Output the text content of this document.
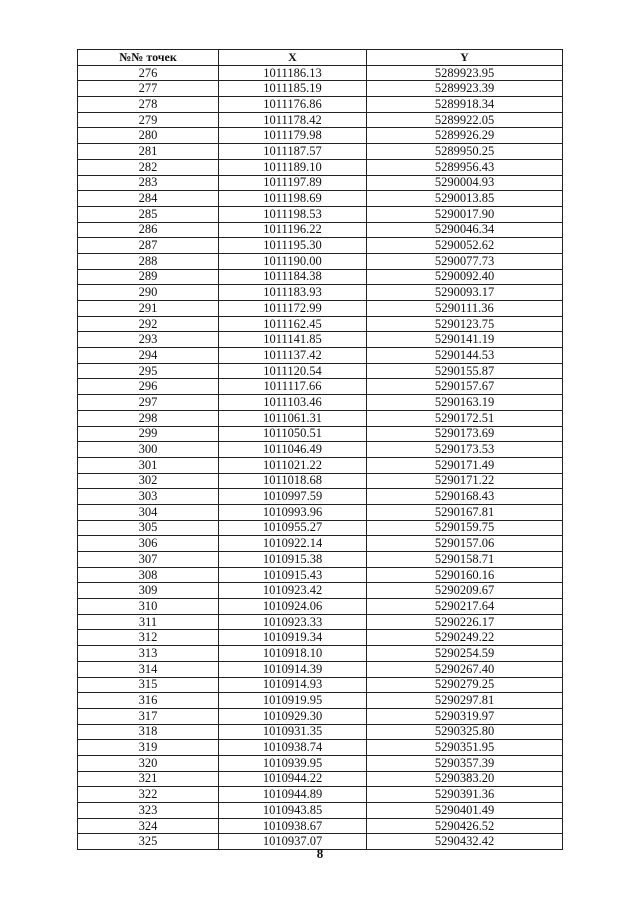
№№ точек	X	Y
276	1011186.13	5289923.95
277	1011185.19	5289923.39
278	1011176.86	5289918.34
279	1011178.42	5289922.05
280	1011179.98	5289926.29
281	1011187.57	5289950.25
282	1011189.10	5289956.43
283	1011197.89	5290004.93
284	1011198.69	5290013.85
285	1011198.53	5290017.90
286	1011196.22	5290046.34
287	1011195.30	5290052.62
288	1011190.00	5290077.73
289	1011184.38	5290092.40
290	1011183.93	5290093.17
291	1011172.99	5290111.36
292	1011162.45	5290123.75
293	1011141.85	5290141.19
294	1011137.42	5290144.53
295	1011120.54	5290155.87
296	1011117.66	5290157.67
297	1011103.46	5290163.19
298	1011061.31	5290172.51
299	1011050.51	5290173.69
300	1011046.49	5290173.53
301	1011021.22	5290171.49
302	1011018.68	5290171.22
303	1010997.59	5290168.43
304	1010993.96	5290167.81
305	1010955.27	5290159.75
306	1010922.14	5290157.06
307	1010915.38	5290158.71
308	1010915.43	5290160.16
309	1010923.42	5290209.67
310	1010924.06	5290217.64
311	1010923.33	5290226.17
312	1010919.34	5290249.22
313	1010918.10	5290254.59
314	1010914.39	5290267.40
315	1010914.93	5290279.25
316	1010919.95	5290297.81
317	1010929.30	5290319.97
318	1010931.35	5290325.80
319	1010938.74	5290351.95
320	1010939.95	5290357.39
321	1010944.22	5290383.20
322	1010944.89	5290391.36
323	1010943.85	5290401.49
324	1010938.67	5290426.52
325	1010937.07	5290432.42
8
